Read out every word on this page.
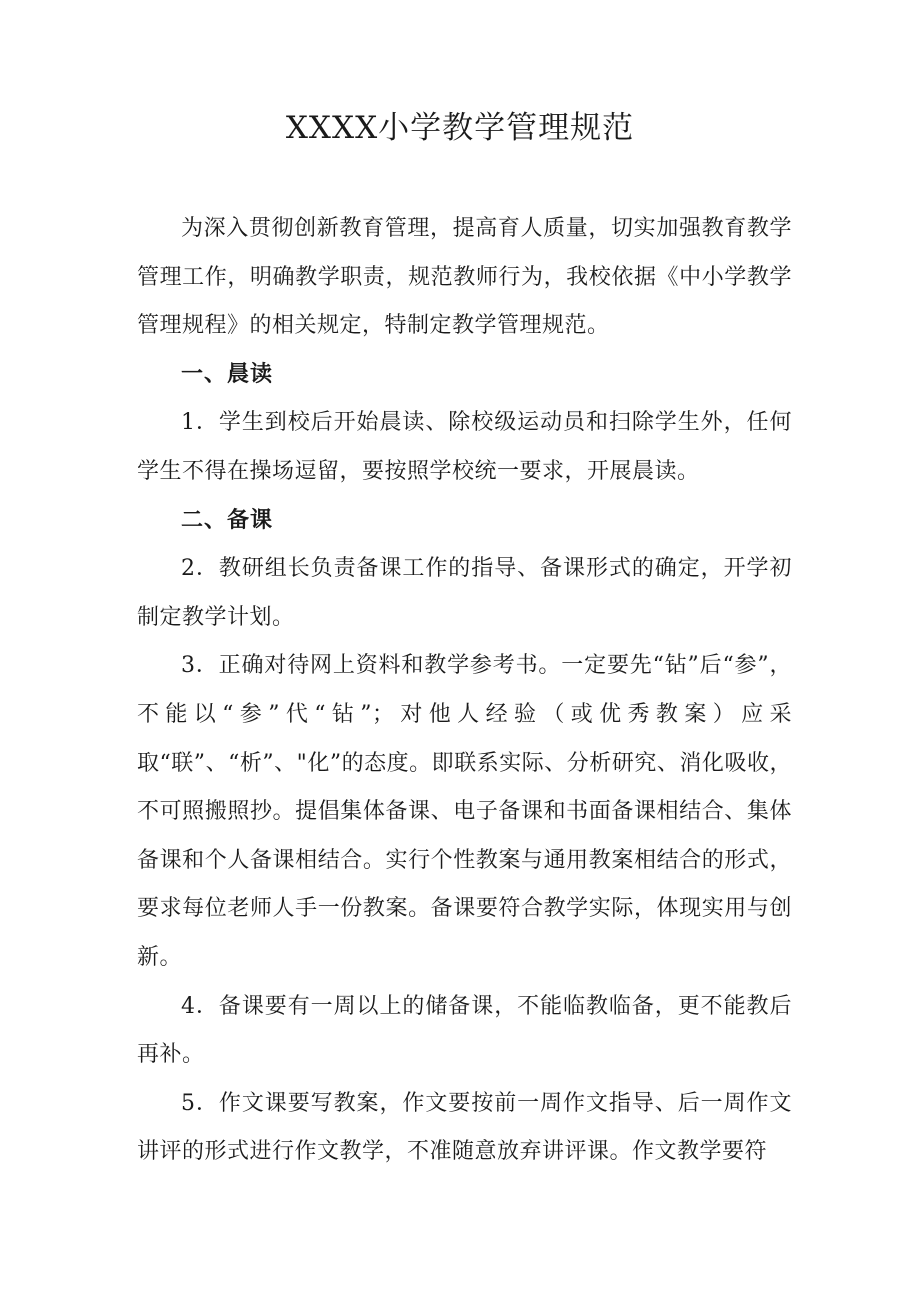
XXXX小学教学管理规范

为深入贯彻创新教育管理，提高育人质量，切实加强教育教学管理工作，明确教学职责，规范教师行为，我校依据《中小学教学管理规程》的相关规定，特制定教学管理规范。

一、晨读

1．学生到校后开始晨读、除校级运动员和扫除学生外，任何学生不得在操场逗留，要按照学校统一要求，开展晨读。

二、备课

2．教研组长负责备课工作的指导、备课形式的确定，开学初制定教学计划。

3．正确对待网上资料和教学参考书。一定要先“钻”后“参”，不能以“参”代“钻”；对他人经验（或优秀教案）应采取“联”、“析”、"化”的态度。即联系实际、分析研究、消化吸收，不可照搬照抄。提倡集体备课、电子备课和书面备课相结合、集体备课和个人备课相结合。实行个性教案与通用教案相结合的形式，要求每位老师人手一份教案。备课要符合教学实际，体现实用与创新。

4．备课要有一周以上的储备课，不能临教临备，更不能教后再补。

5．作文课要写教案，作文要按前一周作文指导、后一周作文讲评的形式进行作文教学，不准随意放弃讲评课。作文教学要符
